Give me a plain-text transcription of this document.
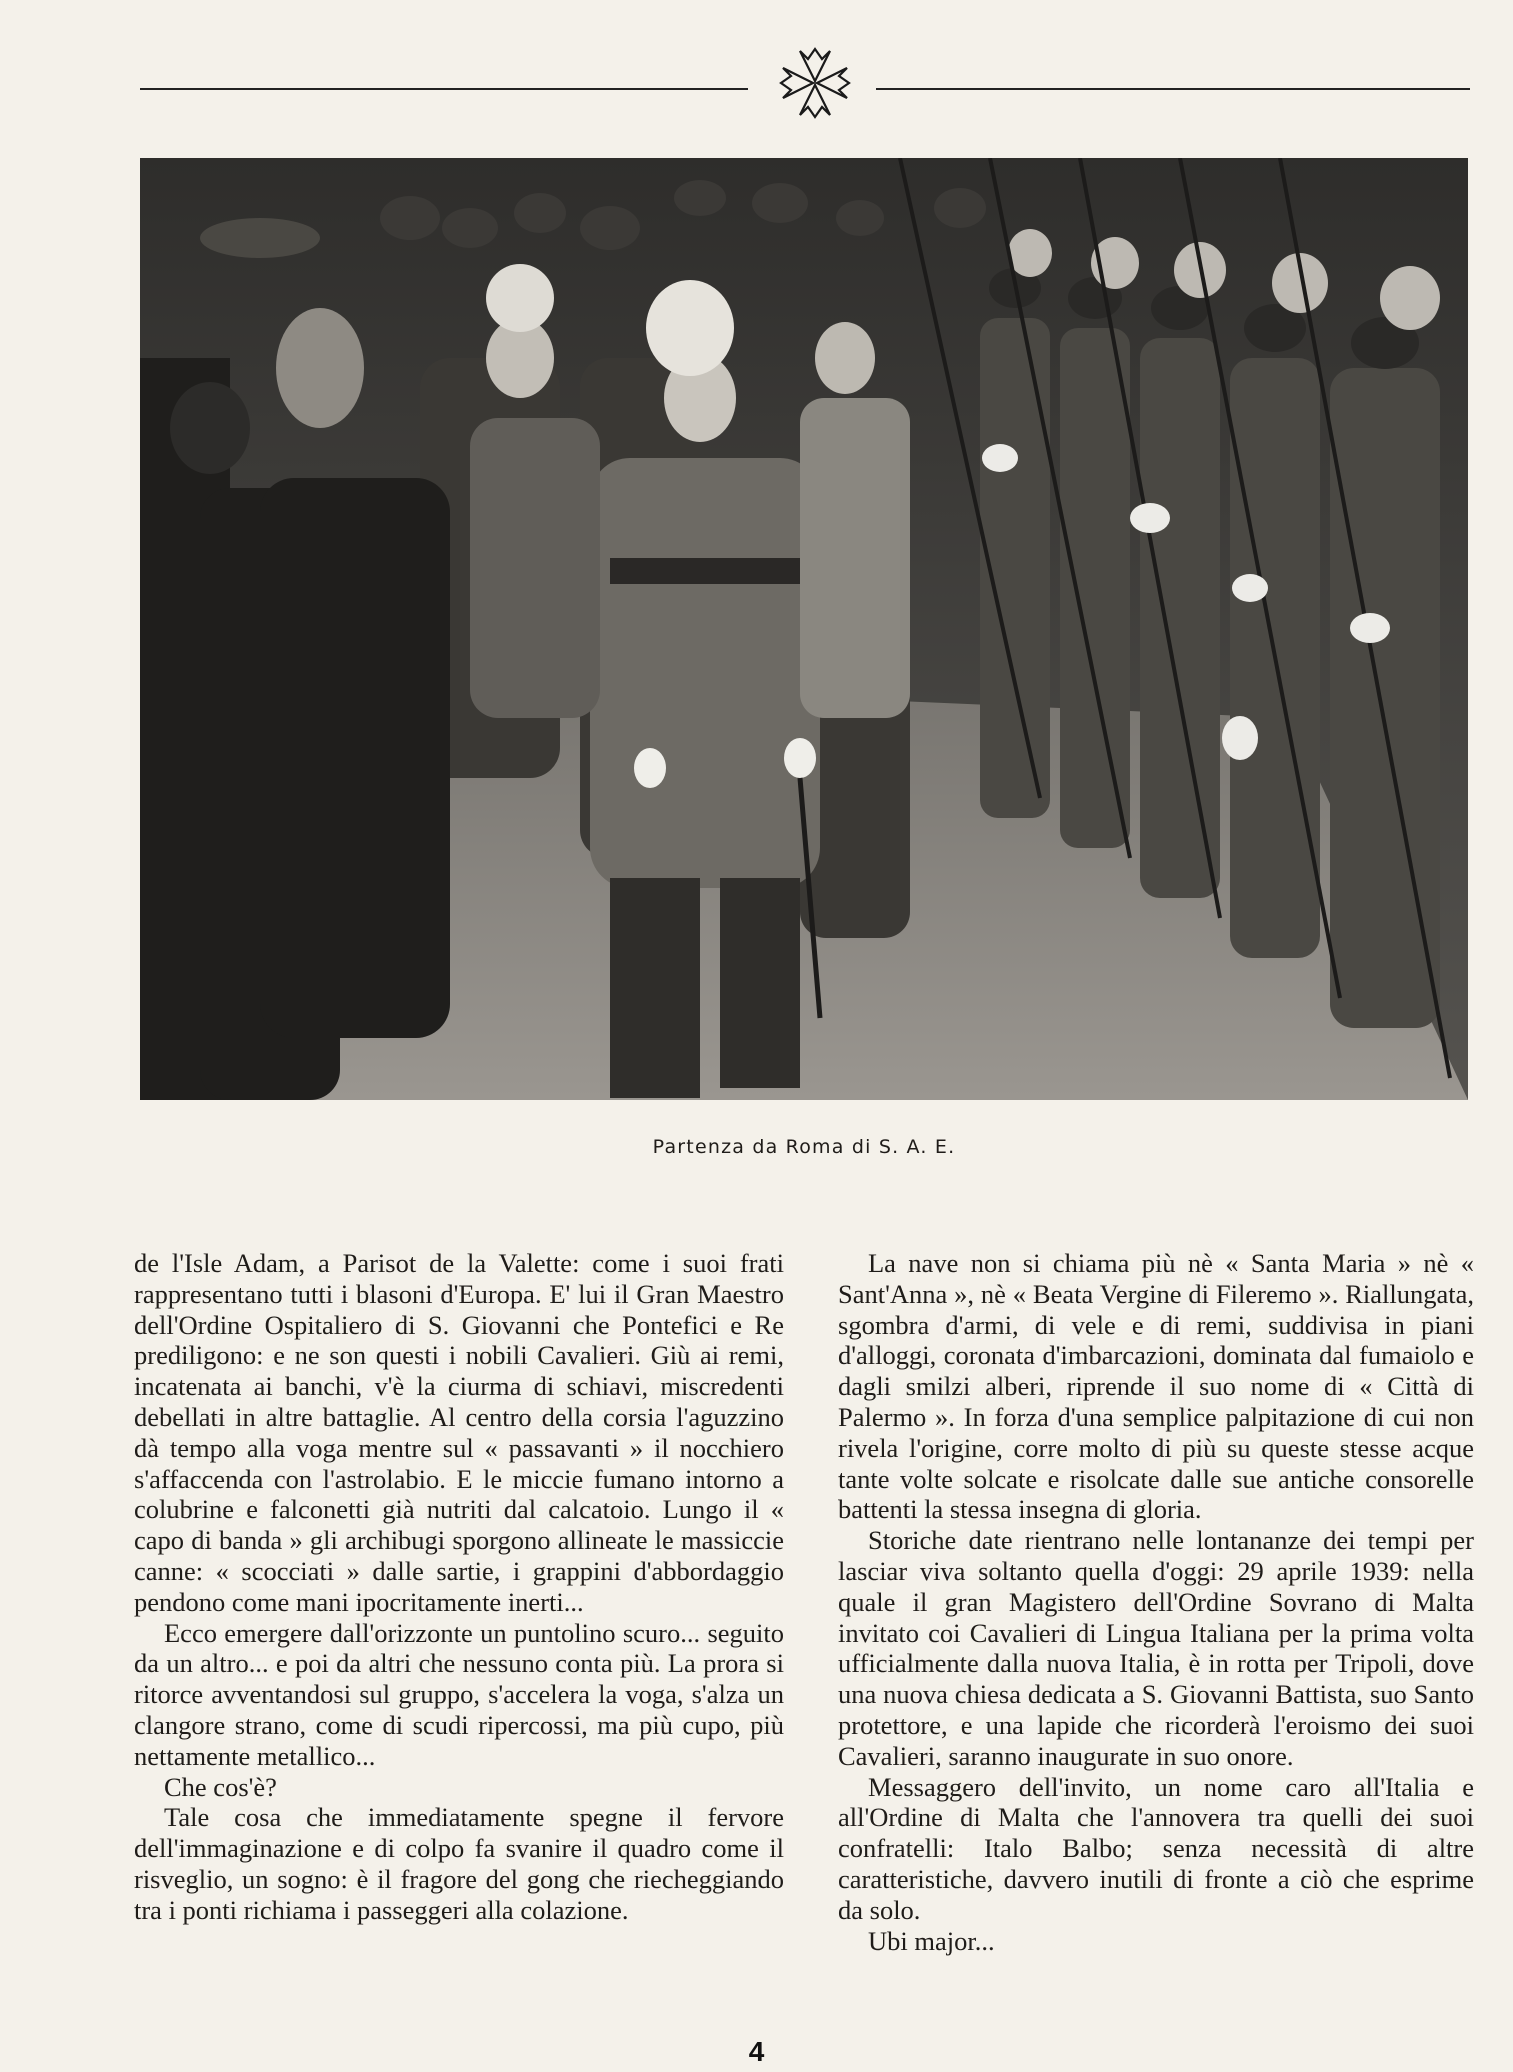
Partenza da Roma di S. A. E.

de l'Isle Adam, a Parisot de la Valette: come i suoi frati rappresentano tutti i blasoni d'Europa. E' lui il Gran Maestro dell'Ordine Ospitaliero di S. Giovanni che Pontefici e Re prediligono: e ne son questi i nobili Cavalieri. Giù ai remi, incatenata ai banchi, v'è la ciurma di schiavi, miscredenti debellati in altre battaglie. Al centro della corsia l'aguzzino dà tempo alla voga mentre sul « passavanti » il nocchiero s'affaccenda con l'astrolabio. E le miccie fumano intorno a colubrine e falconetti già nutriti dal calcatoio. Lungo il « capo di banda » gli archibugi sporgono allineate le massiccie canne: « scocciati » dalle sartie, i grappini d'abbordaggio pendono come mani ipocritamente inerti...

Ecco emergere dall'orizzonte un puntolino scuro... seguito da un altro... e poi da altri che nessuno conta più. La prora si ritorce avventandosi sul gruppo, s'accelera la voga, s'alza un clangore strano, come di scudi ripercossi, ma più cupo, più nettamente metallico...

Che cos'è?

Tale cosa che immediatamente spegne il fervore dell'immaginazione e di colpo fa svanire il quadro come il risveglio, un sogno: è il fragore del gong che riecheggiando tra i ponti richiama i passeggeri alla colazione.

La nave non si chiama più nè « Santa Maria » nè « Sant'Anna », nè « Beata Vergine di Fileremo ». Riallungata, sgombra d'armi, di vele e di remi, suddivisa in piani d'alloggi, coronata d'imbarcazioni, dominata dal fumaiolo e dagli smilzi alberi, riprende il suo nome di « Città di Palermo ». In forza d'una semplice palpitazione di cui non rivela l'origine, corre molto di più su queste stesse acque tante volte solcate e risolcate dalle sue antiche consorelle battenti la stessa insegna di gloria.

Storiche date rientrano nelle lontananze dei tempi per lasciar viva soltanto quella d'oggi: 29 aprile 1939: nella quale il gran Magistero dell'Ordine Sovrano di Malta invitato coi Cavalieri di Lingua Italiana per la prima volta ufficialmente dalla nuova Italia, è in rotta per Tripoli, dove una nuova chiesa dedicata a S. Giovanni Battista, suo Santo protettore, e una lapide che ricorderà l'eroismo dei suoi Cavalieri, saranno inaugurate in suo onore.

Messaggero dell'invito, un nome caro all'Italia e all'Ordine di Malta che l'annovera tra quelli dei suoi confratelli: Italo Balbo; senza necessità di altre caratteristiche, davvero inutili di fronte a ciò che esprime da solo.

Ubi major...

4
